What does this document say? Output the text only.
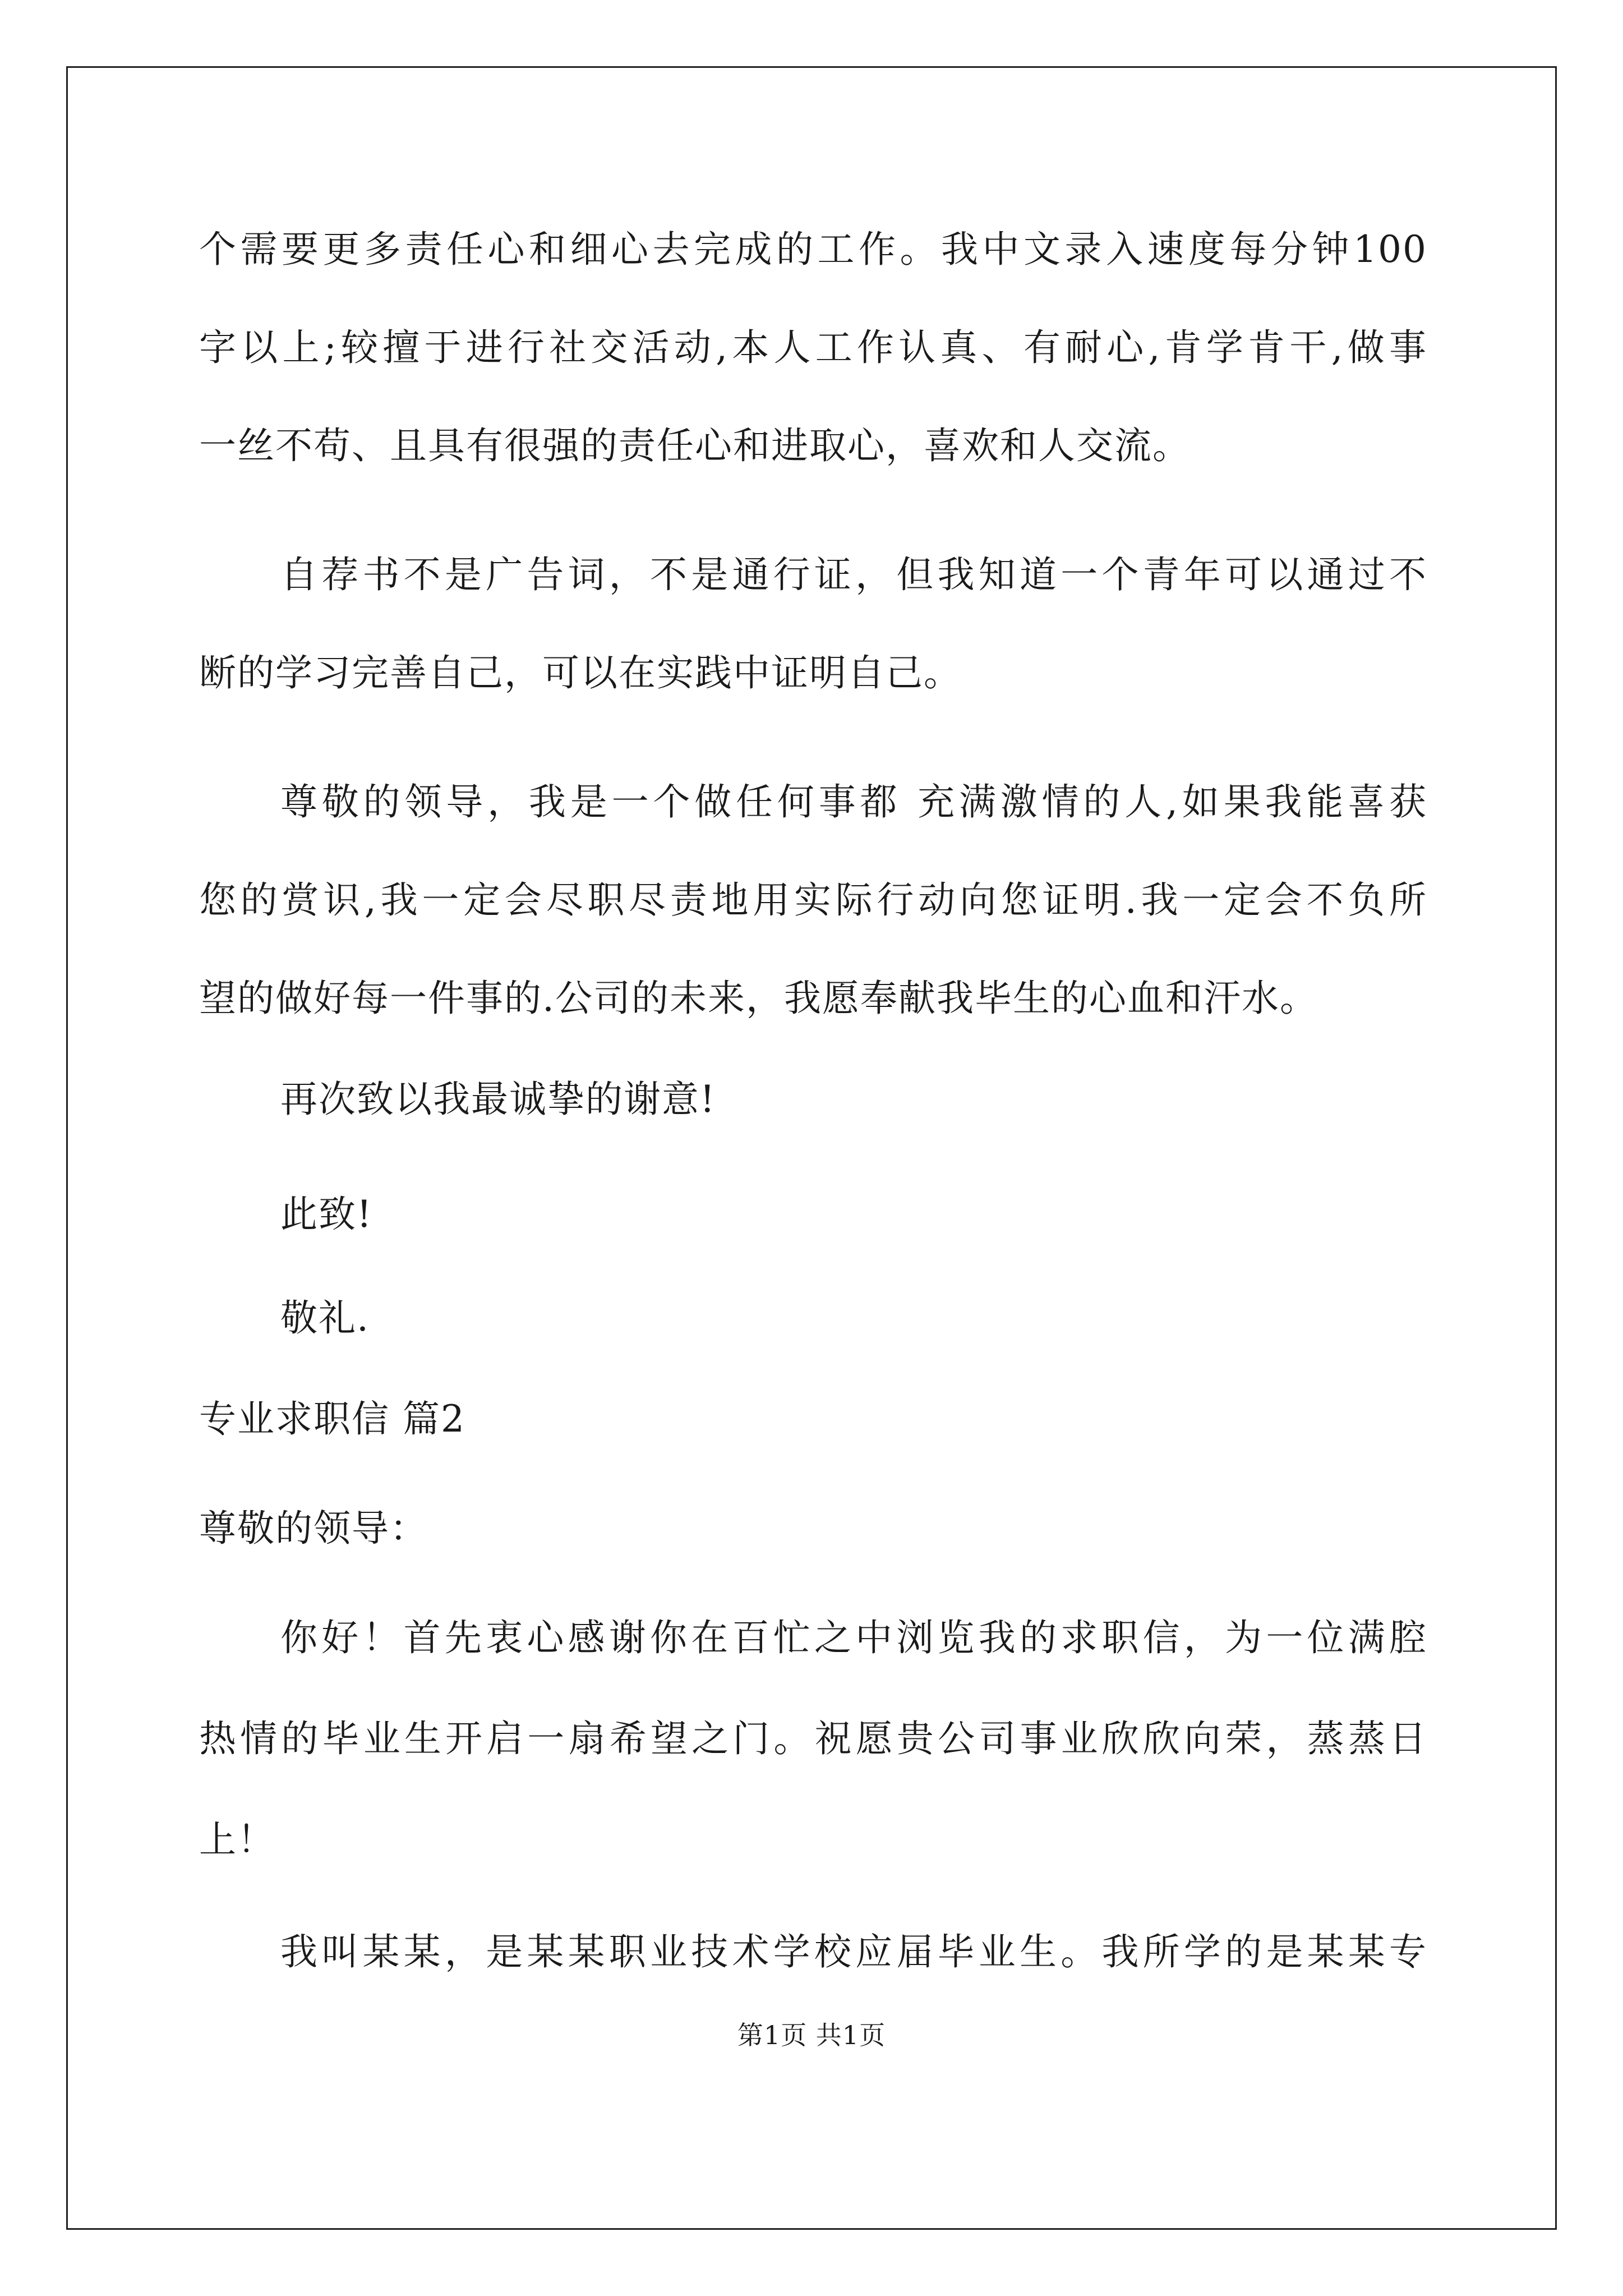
个需要更多责任心和细心去完成的工作。我中文录入速度每分钟100
字以上;较擅于进行社交活动,本人工作认真、有耐心,肯学肯干,做事
一丝不苟、且具有很强的责任心和进取心，喜欢和人交流。
自荐书不是广告词，不是通行证，但我知道一个青年可以通过不
断的学习完善自己，可以在实践中证明自己。
尊敬的领导，我是一个做任何事都 充满激情的人,如果我能喜获
您的赏识,我一定会尽职尽责地用实际行动向您证明.我一定会不负所
望的做好每一件事的.公司的未来，我愿奉献我毕生的心血和汗水。
再次致以我最诚挚的谢意!
此致!
敬礼.
专业求职信 篇2
尊敬的领导：
你好！首先衷心感谢你在百忙之中浏览我的求职信，为一位满腔
热情的毕业生开启一扇希望之门。祝愿贵公司事业欣欣向荣，蒸蒸日
上！
我叫某某，是某某职业技术学校应届毕业生。我所学的是某某专
第1页 共1页
